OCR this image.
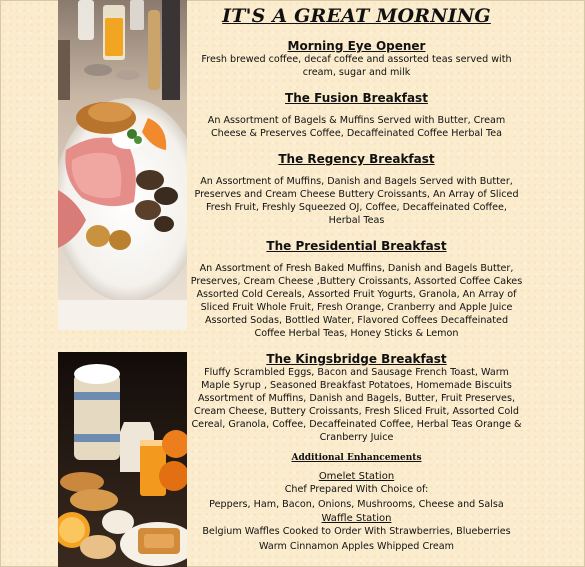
IT'S A GREAT MORNING
Morning Eye Opener
Fresh brewed coffee, decaf coffee and assorted teas served with cream, sugar and milk
The Fusion Breakfast
An Assortment of Bagels & Muffins Served with Butter, Cream Cheese & Preserves Coffee, Decaffeinated Coffee Herbal Tea
The Regency Breakfast
An Assortment of Muffins, Danish and Bagels Served with Butter, Preserves and Cream Cheese Buttery Croissants, An Array of Sliced Fresh Fruit, Freshly Squeezed OJ, Coffee, Decaffeinated Coffee, Herbal Teas
The Presidential Breakfast
An Assortment of Fresh Baked Muffins, Danish and Bagels Butter, Preserves, Cream Cheese ,Buttery Croissants, Assorted Coffee Cakes Assorted Cold Cereals, Assorted Fruit Yogurts, Granola, An Array of Sliced Fruit Whole Fruit, Fresh Orange, Cranberry and Apple Juice Assorted Sodas, Bottled Water, Flavored Coffees Decaffeinated Coffee Herbal Teas, Honey Sticks & Lemon
The Kingsbridge Breakfast
Fluffy Scrambled Eggs, Bacon and Sausage French Toast, Warm Maple Syrup , Seasoned Breakfast Potatoes, Homemade Biscuits Assortment of Muffins, Danish and Bagels, Butter, Fruit Preserves, Cream Cheese, Buttery Croissants, Fresh Sliced Fruit, Assorted Cold Cereal, Granola, Coffee, Decaffeinated Coffee, Herbal Teas Orange & Cranberry Juice
Additional Enhancements
Omelet Station
Chef Prepared With Choice of:
Peppers, Ham, Bacon, Onions, Mushrooms, Cheese and Salsa
Waffle Station
Belgium Waffles Cooked to Order With Strawberries, Blueberries
Warm Cinnamon Apples Whipped Cream
